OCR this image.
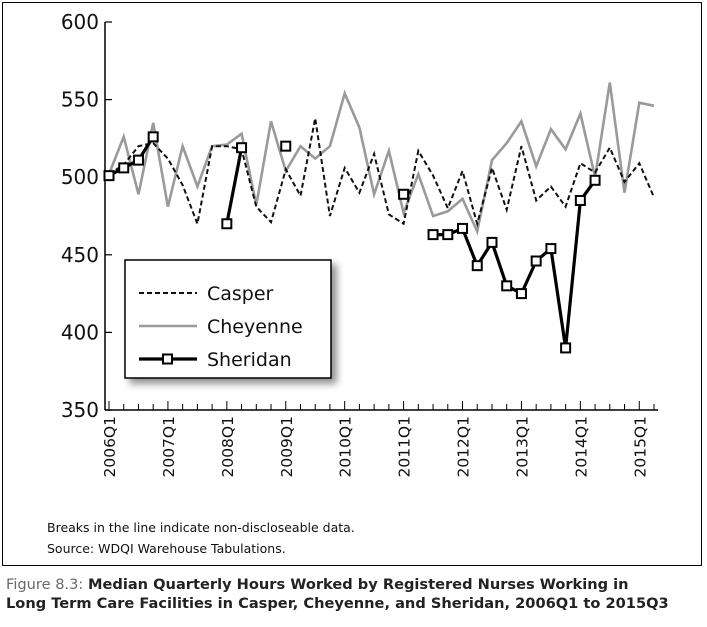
350
400
450
500
550
600
2006Q1	2007Q1	2008Q1	2009Q1	2010Q1	2011Q1	2012Q1	2013Q1	2014Q1	2015Q1
Casper
Cheyenne
Sheridan
Breaks in the line indicate non-discloseable data.
Source: WDQI Warehouse Tabulations.
Figure 8.3: Median Quarterly Hours Worked by Registered Nurses Working in
Long Term Care Facilities in Casper, Cheyenne, and Sheridan, 2006Q1 to 2015Q3
